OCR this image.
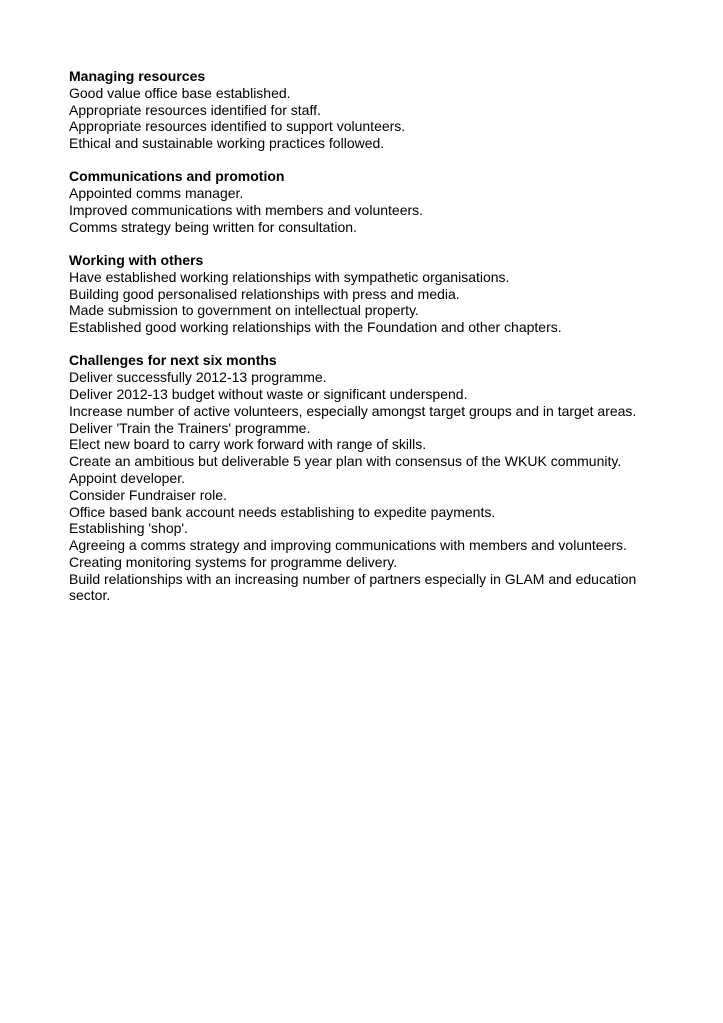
Managing resources

Good value office base established.

Appropriate resources identified for staff.

Appropriate resources identified to support volunteers.

Ethical and sustainable working practices followed.

Communications and promotion

Appointed comms manager.

Improved communications with members and volunteers.

Comms strategy being written for consultation.

Working with others

Have established working relationships with sympathetic organisations.

Building good personalised relationships with press and media.

Made submission to government on intellectual property.

Established good working relationships with the Foundation and other chapters.

Challenges for next six months

Deliver successfully 2012-13 programme.

Deliver 2012-13 budget without waste or significant underspend.

Increase number of active volunteers, especially amongst target groups and in target areas.

Deliver 'Train the Trainers' programme.

Elect new board to carry work forward with range of skills.

Create an ambitious but deliverable 5 year plan with consensus of the WKUK community.

Appoint developer.

Consider Fundraiser role.

Office based bank account needs establishing to expedite payments.

Establishing 'shop'.

Agreeing a comms strategy and improving communications with members and volunteers.

Creating monitoring systems for programme delivery.

Build relationships with an increasing number of partners especially in GLAM and education sector.
